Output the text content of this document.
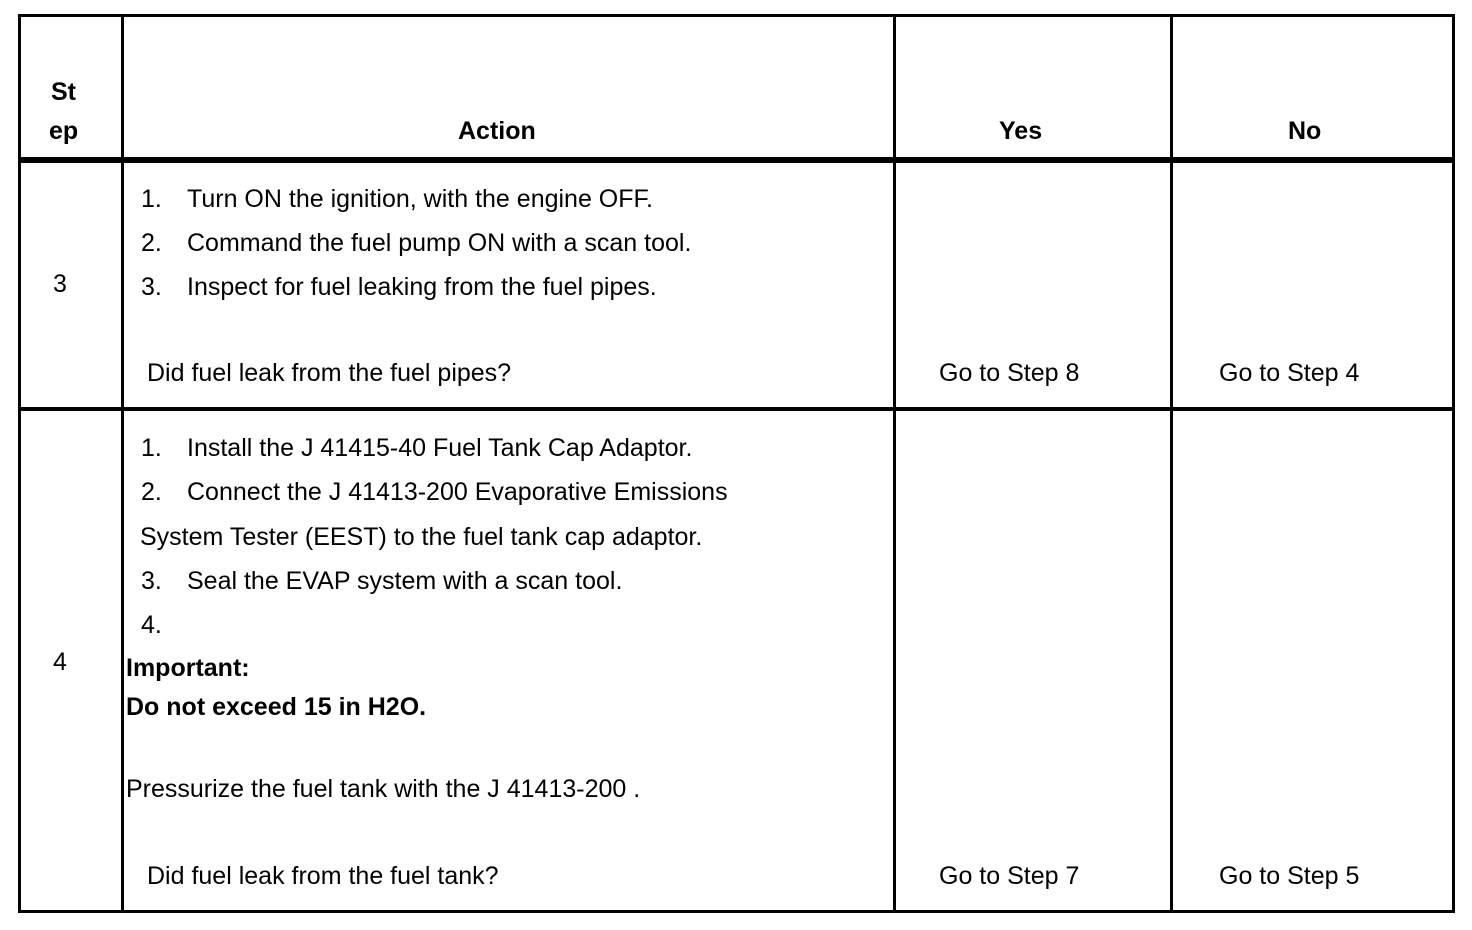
St
ep	Action	Yes	No
3
1. Turn ON the ignition, with the engine OFF.
2. Command the fuel pump ON with a scan tool.
3. Inspect for fuel leaking from the fuel pipes.
Did fuel leak from the fuel pipes?	Go to Step 8	Go to Step 4
4
1. Install the J 41415-40 Fuel Tank Cap Adaptor.
2. Connect the J 41413-200 Evaporative Emissions
System Tester (EEST) to the fuel tank cap adaptor.
3. Seal the EVAP system with a scan tool.
4.
Important:
Do not exceed 15 in H2O.
Pressurize the fuel tank with the J 41413-200 .
Did fuel leak from the fuel tank?	Go to Step 7	Go to Step 5
